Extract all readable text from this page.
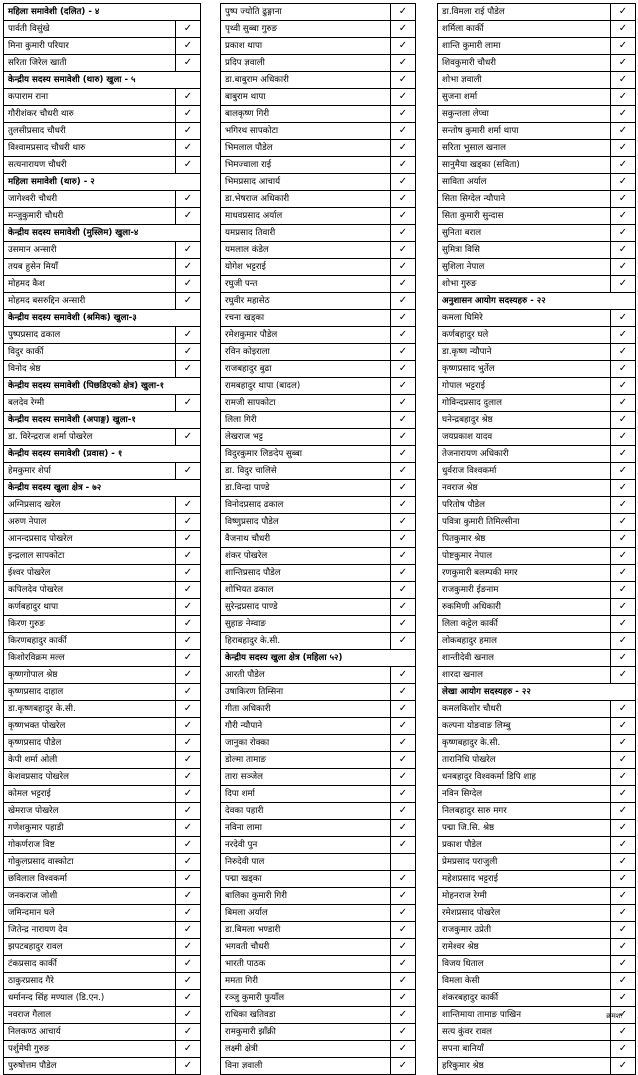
महिला समावेशी (दलित) - ४	
पार्वती विसुंखे	✓
मिना कुमारी परियार	✓
सरिता जिरेल खाती	✓
केन्द्रीय सदस्य समावेशी (थारु) खुला - ५	
कपाराम राना	✓
गौरीशंकर चौधरी थारु	✓
तुलसीप्रसाद चौधरी	✓
विश्वामप्रसाद चौधरी थारु	✓
सत्यनारायण चौधरी	✓
महिला समावेशी (थारु) - २	
जागेश्वरी चौधरी	✓
मन्जुकुमारी चौधरी	✓
केन्द्रीय सदस्य समावेशी (मुस्लिम) खुला-४	
उसमान अन्सारी	✓
तयब हुसेन मियाँ	✓
मोहमद कैश	✓
मोहमद बसरुद्दिन अन्सारी	✓
केन्द्रीय सदस्य समावेशी (श्रमिक) खुला-३	
पुष्पप्रसाद ढकाल	✓
विदुर कार्की	✓
विनोद श्रेष्ठ	✓
केन्द्रीय सदस्य समावेशी (पिछडिएको क्षेत्र) खुला-१	
बलदेव रेग्मी	✓
केन्द्रीय सदस्य समावेशी (अपाङ्ग) खुला-१	
डा. विरेन्द्रराज शर्मा पोखरेल	✓
केन्द्रीय सदस्य समावेशी (प्रवास) - १	
हेमकुमार शेर्पा	✓
केन्द्रीय सदस्य खुला क्षेत्र - ७२	
अग्निप्रसाद खरेल	✓
अरुण नेपाल	✓
आनन्दप्रसाद पोखरेल	✓
इन्द्रलाल सापकोटा	✓
ईश्वर पोखरेल	✓
कपिलदेव पोखरेल	✓
कर्णबहादुर थापा	✓
किरण गुरुङ	✓
किरणबहादुर कार्की	✓
किशोरविक्रम मल्ल	✓
कृष्णगोपाल श्रेष्ठ	✓
कृष्णप्रसाद दाहाल	✓
डा.कृष्णबहादुर के.सी.	✓
कृष्णभक्त पोखरेल	✓
कृष्णप्रसाद पौडेल	✓
केपी शर्मा ओली	✓
केशवप्रसाद पोखरेल	✓
कोमल भट्टराई	✓
खेमराज पोखरेल	✓
गणेशकुमार पहाडी	✓
गोकर्णराज विष्ट	✓
गोकुलप्रसाद वास्कोटा	✓
छविलाल विश्वकर्मा	✓
जनकराज जोशी	✓
जमिन्दमान घले	✓
जितेन्द्र नारायण देव	✓
झपटबहादुर रावल	✓
टंकप्रसाद कार्की	✓
ठाकुरप्रसाद गैरे	✓
धर्मानन्द सिंह मण्याल (डि.एन.)	✓
नवराज गैलाल	✓
निलकण्ठ आचार्य	✓
पर्शुमेघी गुरुङ	✓
पुरुषोत्तम पौडेल	✓
पुष्प ज्योति ढुङ्गाना	✓
पृथ्वी सुब्बा गुरुङ	✓
प्रकाश थापा	✓
प्रदिप ज्ञवाली	✓
डा.बाबुराम अधिकारी	✓
बाबुराम थापा	✓
बालकृष्ण गिरी	✓
भगिरथ सापकोटा	✓
भिमलाल पौडेल	✓
भिमज्वाला राई	✓
भिमप्रसाद आचार्य	✓
डा.भेषराज अधिकारी	✓
माधवप्रसाद अर्याल	✓
यमप्रसाद तिवारी	✓
यमलाल कंडेल	✓
योगेश भट्टराई	✓
रघुजी पन्त	✓
रघुवीर महासेठ	✓
रचना खड्का	✓
रमेशकुमार पौडेल	✓
रविन कोइराला	✓
राजबहादुर बुढा	✓
रामबहादुर थापा (बादल)	✓
रामजी सापकोटा	✓
लिला गिरी	✓
लेखराज भट्ट	✓
विदुरकुमार लिङदेप सुब्बा	✓
डा. विदुर चालिसे	✓
डा.विन्दा पाण्डे	✓
विनोदप्रसाद ढकाल	✓
विष्णुप्रसाद पौडेल	✓
वैजनाथ चौधरी	✓
शंकर पोखरेल	✓
शान्तिप्रसाद पौडेल	✓
शोभियत ढकाल	✓
सुरेन्द्रप्रसाद पाण्डे	✓
सुहाङ नेम्वाङ	✓
हिराबहादुर के.सी.	✓
केन्द्रीय सदस्य खुला क्षेत्र (महिला ५२)	
आरती पौडेल	✓
उषाकिरण तिम्सिना	✓
गीता अधिकारी	✓
गौरी न्यौपाने	✓
जानुका रोक्का	✓
डोल्मा तामाङ	✓
तारा सञ्जेल	✓
दिपा शर्मा	✓
देवका पहारी	✓
नविना लामा	✓
नरदेवी पुन	✓
निरुदेवी पाल	
पद्मा खड्का	✓
बालिका कुमारी गिरी	✓
बिमला अर्याल	✓
डा.बिमला भण्डारी	✓
भगवती चौधरी	✓
भारती पाठक	✓
ममता गिरी	✓
रञ्जु कुमारी फुयाँल	✓
राधिका खतिवडा	✓
रामकुमारी झाँक्री	✓
लक्ष्मी क्षेत्री	✓
विना ज्ञवाली	✓
डा.विमला राई पौडेल	✓
शर्मिला कार्की	✓
शान्ति कुमारी लामा	✓
शिवकुमारी चौधरी	✓
शोभा ज्ञवाली	✓
सुजना शर्मा	✓
सकुन्तला लेप्चा	✓
सन्तोष कुमारी शर्मा थापा	✓
सरिता भुसाल खनाल	✓
सानुमैया खड्का (सविता)	✓
साविता अर्याल	✓
सिता सिग्देल न्यौपाने	✓
सिता कुमारी सुन्दास	✓
सुनिता बराल	✓
सुमित्रा विसि	✓
सुशिला नेपाल	✓
शोभा गुरुङ	✓
अनुशासन आयोग सदस्यहरु - २२	
कमला घिमिरे	✓
कर्णबहादुर घले	✓
डा.कृष्ण न्यौपाने	✓
कृष्णप्रसाद भुर्तेल	✓
गोपाल भट्टराई	✓
गोविन्दप्रसाद दुलाल	✓
घनेन्द्रबहादुर श्रेष्ठ	✓
जयप्रकाश यादव	✓
तेजनारायण अधिकारी	✓
धुर्वराज विश्वकर्मा	✓
नवराज श्रेष्ठ	✓
परितोष पौडेल	✓
पवित्रा कुमारी तिमिल्सीना	✓
पितकुमार श्रेष्ठ	✓
पोष्टकुमार नेपाल	✓
रणकुमारी बलम्पकी मगर	✓
राजकुमारी ईङनाम	✓
रुकमिणी अधिकारी	✓
लिला कट्टेल कार्की	✓
लोकबहादुर हमाल	✓
शान्तीदेवी खनाल	✓
शारदा खनाल	✓
लेखा आयोग सदस्यहरु - २२	
कमलकिशोर चौधरी	✓
कल्पना योङवाङ लिम्बु	✓
कृष्णबहादुर के.सी.	✓
तारानिधि पोखरेल	✓
धनबहादुर विश्वकर्मा डिपि शाह	✓
नविन सिग्देल	✓
निलबहादुर सारु मगर	✓
पद्मा जि.सि. श्रेष्ठ	✓
प्रकाश पौडेल	✓
प्रेमप्रसाद पराजुली	✓
महेशप्रसाद भट्टराई	✓
मोहनराज रेग्मी	✓
रमेशप्रसाद पोखरेल	✓
राजकुमार उप्रेती	✓
रामेश्वर श्रेष्ठ	✓
विजय धिताल	✓
विमला केसी	✓
शंकरबहादुर कार्की	✓
शान्तिमाया तामाङ पाखिन	✓
सत्य कुंवर रावल	✓
सपना बानियाँ	✓
हरिकुमार श्रेष्ठ	✓
क्रमशः
